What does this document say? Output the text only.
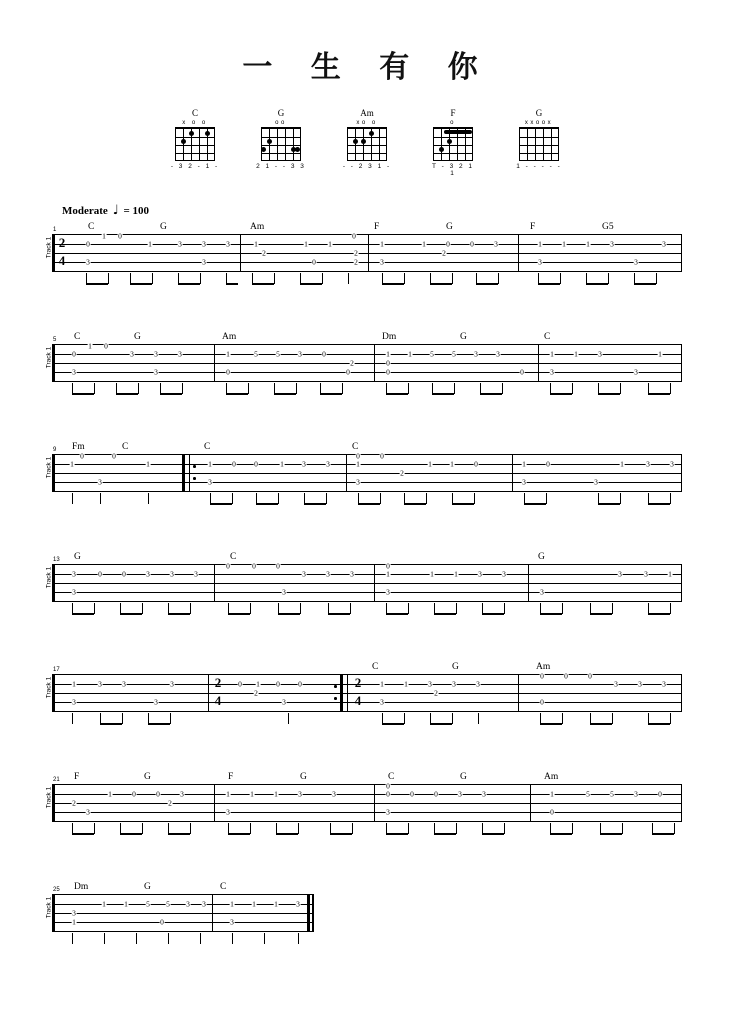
一 生 有 你
C
x o o
- 3 2 - 1 -
G
oo
2 1 - - 3 3
Am
xo o
- - 2 3 1 -
F
o
T - 3 2 1 1
G
xxoox
1 - - - - -
Moderate ♩ = 100
C	G	Am	F	G	F	G5
Track 1
1
2
4
0
1 0
1	3	3	3
3	3
1	1	1
0
2
0
2
2
1	1	0	0	3
2
3
1	1	1	3	3
3
3
C	G	Am	Dm	G	C
Track 1
5
0
1 0
3	3	3
3	3
1	5 5 3	0
2
0	0
1 1 5 5 3 3
0
0	0
1	1	3	1
3	3
Fm	C	C	C
Track 1
9
0	0
1	1
3
1	0 0	1 3	3
3
0	0
1	1 1	0
2
3
1	0	1	3	3
3	3
G	C	G
Track 1
13
3	0	0	3	3	3
3
0	0	0
3	3	3
3
0
1	1	1	3	3
3
3	3	1
3
C	G	Am
Track 1
17
2
4
2
4
1	3	3	3
3	3
0 1 0 0
2
3
1	1	3	3	3
2
3
0	0	0
3	3	3
0
F	G	F	G	C	G	Am
Track 1
21
1	0	0	3
2	2
3
1	1	1	3	3
3
0
0	0	0	3	3
3
1	5	5	3	0
0
Dm	G	C
Track 1
25
1 1 5 5 3 3
3
1	0
1 1 1 3
3
